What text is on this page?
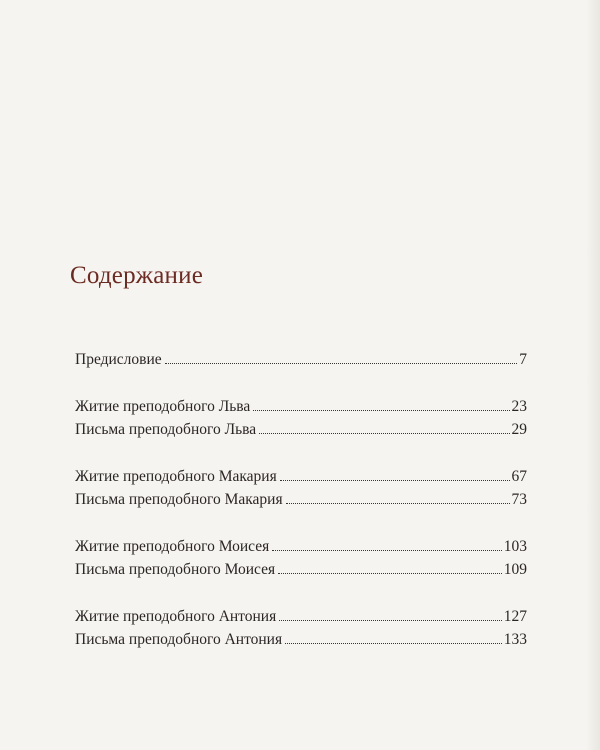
Содержание
Предисловие	7
Житие преподобного Льва	23
Письма преподобного Льва	29
Житие преподобного Макария	67
Письма преподобного Макария	73
Житие преподобного Моисея	103
Письма преподобного Моисея	109
Житие преподобного Антония	127
Письма преподобного Антония	133
